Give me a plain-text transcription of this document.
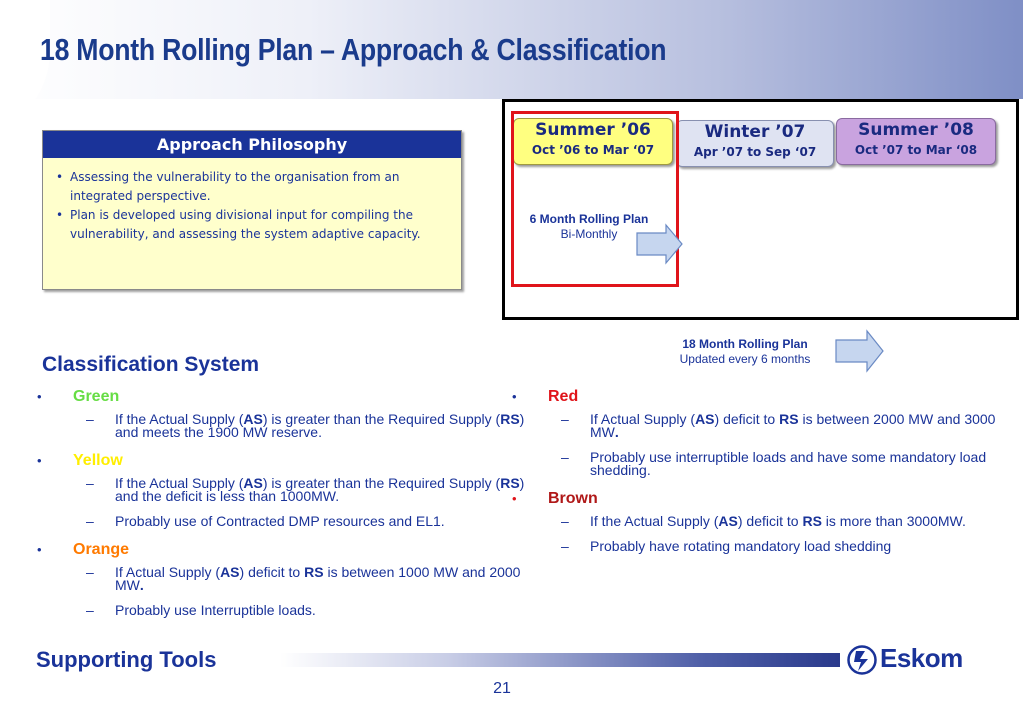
18 Month Rolling Plan – Approach & Classification
Approach Philosophy
• Assessing the vulnerability to the organisation from an integrated perspective.
• Plan is developed using divisional input for compiling the vulnerability, and assessing the system adaptive capacity.
Summer ’06
Oct ’06 to Mar ‘07
Winter ’07
Apr ’07 to Sep ‘07
Summer ’08
Oct ’07 to Mar ‘08
6 Month Rolling Plan
Bi-Monthly
18 Month Rolling Plan
Updated every 6 months
Classification System
• Green
– If the Actual Supply (AS) is greater than the Required Supply (RS) and meets the 1900 MW reserve.
• Yellow
– If the Actual Supply (AS) is greater than the Required Supply (RS) and the deficit is less than 1000MW.
– Probably use of Contracted DMP resources and EL1.
• Orange
– If Actual Supply (AS) deficit to RS is between 1000 MW and 2000 MW.
– Probably use Interruptible loads.
• Red
– If Actual Supply (AS) deficit to RS is between 2000 MW and 3000 MW.
– Probably use interruptible loads and have some mandatory load shedding.
• Brown
– If the Actual Supply (AS) deficit to RS is more than 3000MW.
– Probably have rotating mandatory load shedding
Supporting Tools	Eskom
21
